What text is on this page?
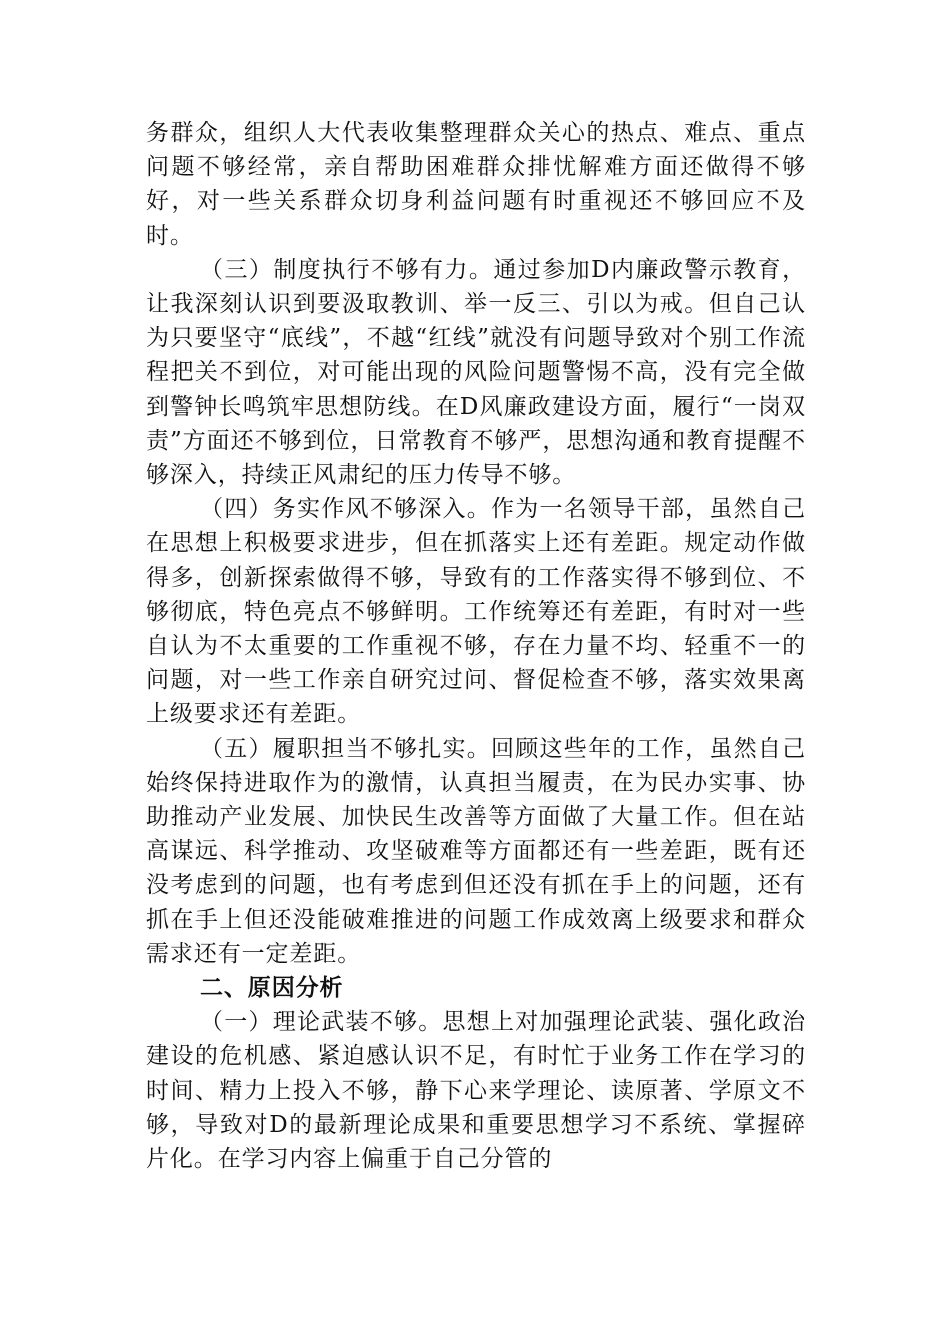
务群众，组织人大代表收集整理群众关心的热点、难点、重点问题不够经常，亲自帮助困难群众排忧解难方面还做得不够好，对一些关系群众切身利益问题有时重视还不够回应不及时。

（三）制度执行不够有力。通过参加D内廉政警示教育，让我深刻认识到要汲取教训、举一反三、引以为戒。但自己认为只要坚守“底线”，不越“红线”就没有问题导致对个别工作流程把关不到位，对可能出现的风险问题警惕不高，没有完全做到警钟长鸣筑牢思想防线。在D风廉政建设方面，履行“一岗双责”方面还不够到位，日常教育不够严，思想沟通和教育提醒不够深入，持续正风肃纪的压力传导不够。

（四）务实作风不够深入。作为一名领导干部，虽然自己在思想上积极要求进步，但在抓落实上还有差距。规定动作做得多，创新探索做得不够，导致有的工作落实得不够到位、不够彻底，特色亮点不够鲜明。工作统筹还有差距，有时对一些自认为不太重要的工作重视不够，存在力量不均、轻重不一的问题，对一些工作亲自研究过问、督促检查不够，落实效果离上级要求还有差距。

（五）履职担当不够扎实。回顾这些年的工作，虽然自己始终保持进取作为的激情，认真担当履责，在为民办实事、协助推动产业发展、加快民生改善等方面做了大量工作。但在站高谋远、科学推动、攻坚破难等方面都还有一些差距，既有还没考虑到的问题，也有考虑到但还没有抓在手上的问题，还有抓在手上但还没能破难推进的问题工作成效离上级要求和群众需求还有一定差距。

二、原因分析

（一）理论武装不够。思想上对加强理论武装、强化政治建设的危机感、紧迫感认识不足，有时忙于业务工作在学习的时间、精力上投入不够，静下心来学理论、读原著、学原文不够，导致对D的最新理论成果和重要思想学习不系统、掌握碎片化。在学习内容上偏重于自己分管的
